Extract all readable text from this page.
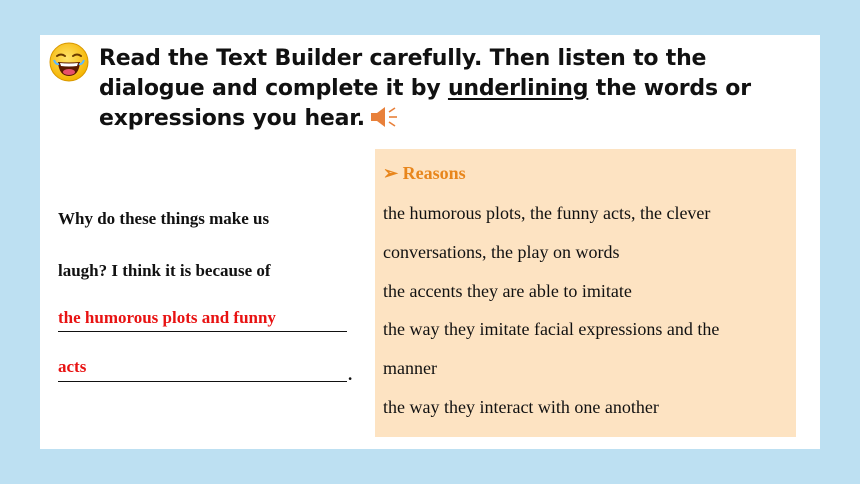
Read the Text Builder carefully. Then listen to the dialogue and complete it by underlining the words or expressions you hear.
Why do these things make us
laugh? I think it is because of
the humorous plots and funny
acts	.
➢ Reasons
the humorous plots, the funny acts, the clever
conversations, the play on words
the accents they are able to imitate
the way they imitate facial expressions and the
manner
the way they interact with one another
